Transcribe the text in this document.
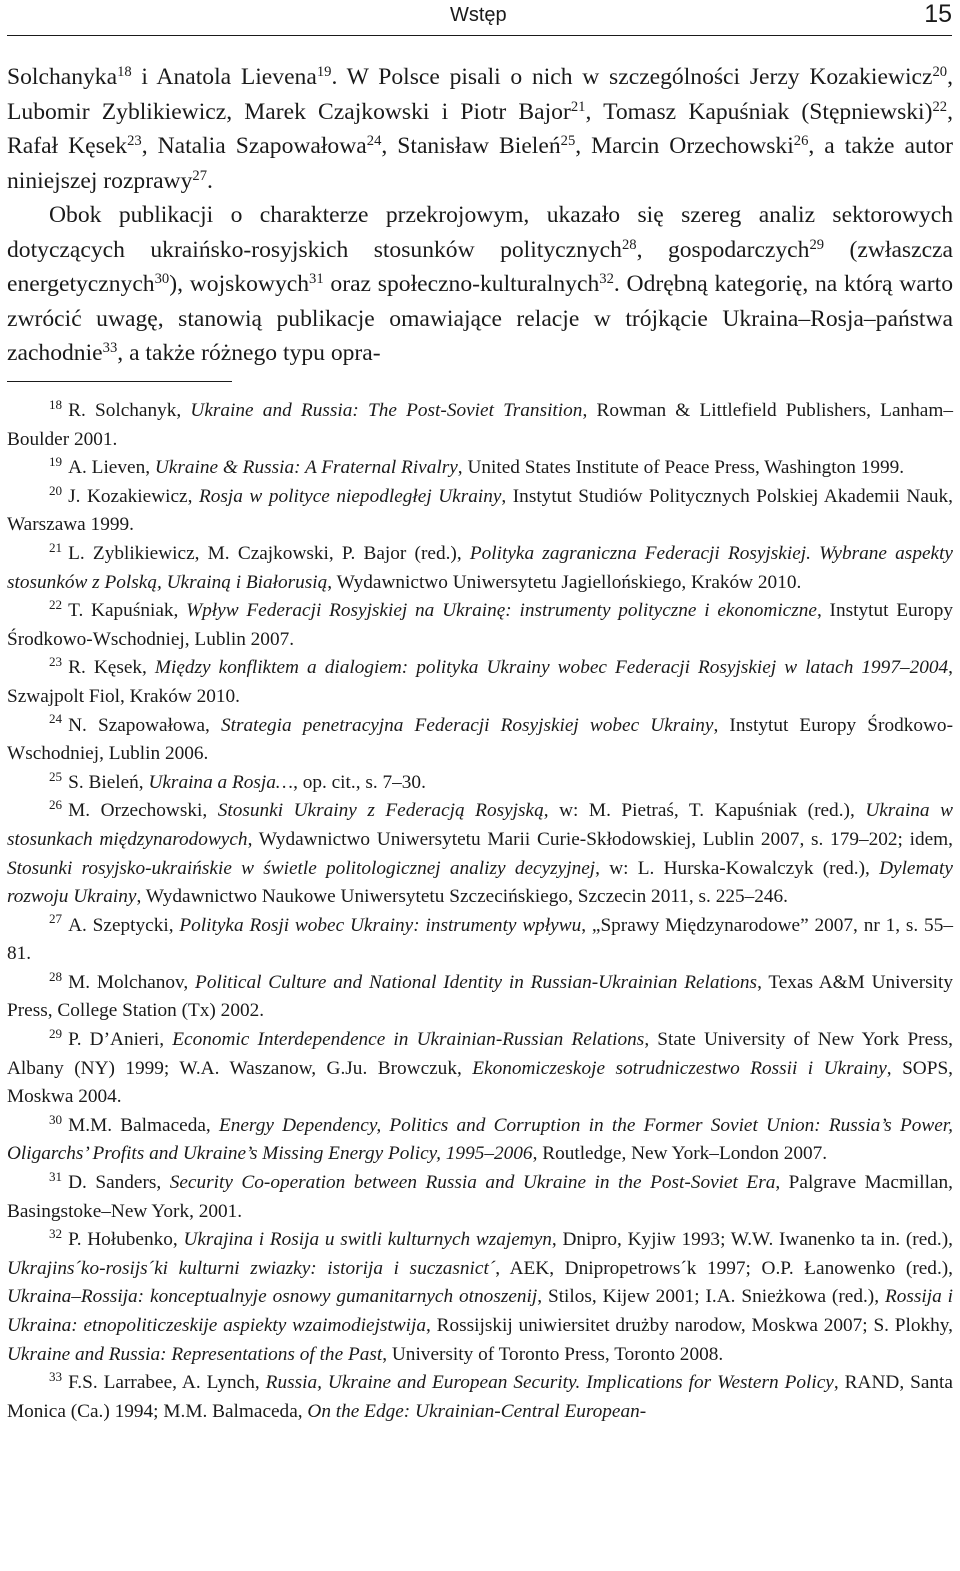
Wstęp	15

Solchanyka$^{18}$ i Anatola Lievena$^{19}$. W Polsce pisali o nich w szczególności Jerzy Kozakiewicz$^{20}$, Lubomir Zyblikiewicz, Marek Czajkowski i Piotr Bajor$^{21}$, Tomasz Kapuśniak (Stępniewski)$^{22}$, Rafał Kęsek$^{23}$, Natalia Szapowałowa$^{24}$, Stanisław Bieleń$^{25}$, Marcin Orzechowski$^{26}$, a także autor niniejszej rozprawy$^{27}$.

Obok publikacji o charakterze przekrojowym, ukazało się szereg analiz sektorowych dotyczących ukraińsko-rosyjskich stosunków politycznych$^{28}$, gospodarczych$^{29}$ (zwłaszcza energetycznych$^{30}$), wojskowych$^{31}$ oraz społeczno-kulturalnych$^{32}$. Odrębną kategorię, na którą warto zwrócić uwagę, stanowią publikacje omawiające relacje w trójkącie Ukraina–Rosja–państwa zachodnie$^{33}$, a także różnego typu opra-

$^{18}$ R. Solchanyk, Ukraine and Russia: The Post-Soviet Transition, Rowman & Littlefield Publishers, Lanham–Boulder 2001.

$^{19}$ A. Lieven, Ukraine & Russia: A Fraternal Rivalry, United States Institute of Peace Press, Washington 1999.

$^{20}$ J. Kozakiewicz, Rosja w polityce niepodległej Ukrainy, Instytut Studiów Politycznych Polskiej Akademii Nauk, Warszawa 1999.

$^{21}$ L. Zyblikiewicz, M. Czajkowski, P. Bajor (red.), Polityka zagraniczna Federacji Rosyjskiej. Wybrane aspekty stosunków z Polską, Ukrainą i Białorusią, Wydawnictwo Uniwersytetu Jagiellońskiego, Kraków 2010.

$^{22}$ T. Kapuśniak, Wpływ Federacji Rosyjskiej na Ukrainę: instrumenty polityczne i ekonomiczne, Instytut Europy Środkowo-Wschodniej, Lublin 2007.

$^{23}$ R. Kęsek, Między konfliktem a dialogiem: polityka Ukrainy wobec Federacji Rosyjskiej w latach 1997–2004, Szwajpolt Fiol, Kraków 2010.

$^{24}$ N. Szapowałowa, Strategia penetracyjna Federacji Rosyjskiej wobec Ukrainy, Instytut Europy Środkowo-Wschodniej, Lublin 2006.

$^{25}$ S. Bieleń, Ukraina a Rosja…, op. cit., s. 7–30.

$^{26}$ M. Orzechowski, Stosunki Ukrainy z Federacją Rosyjską, w: M. Pietraś, T. Kapuśniak (red.), Ukraina w stosunkach międzynarodowych, Wydawnictwo Uniwersytetu Marii Curie-Skłodowskiej, Lublin 2007, s. 179–202; idem, Stosunki rosyjsko-ukraińskie w świetle politologicznej analizy decyzyjnej, w: L. Hurska-Kowalczyk (red.), Dylematy rozwoju Ukrainy, Wydawnictwo Naukowe Uniwersytetu Szczecińskiego, Szczecin 2011, s. 225–246.

$^{27}$ A. Szeptycki, Polityka Rosji wobec Ukrainy: instrumenty wpływu, „Sprawy Międzynarodowe” 2007, nr 1, s. 55–81.

$^{28}$ M. Molchanov, Political Culture and National Identity in Russian-Ukrainian Relations, Texas A&M University Press, College Station (Tx) 2002.

$^{29}$ P. D’Anieri, Economic Interdependence in Ukrainian-Russian Relations, State University of New York Press, Albany (NY) 1999; W.A. Waszanow, G.Ju. Browczuk, Ekonomiczeskoje sotrudniczestwo Rossii i Ukrainy, SOPS, Moskwa 2004.

$^{30}$ M.M. Balmaceda, Energy Dependency, Politics and Corruption in the Former Soviet Union: Russia’s Power, Oligarchs’ Profits and Ukraine’s Missing Energy Policy, 1995–2006, Routledge, New York–London 2007.

$^{31}$ D. Sanders, Security Co-operation between Russia and Ukraine in the Post-Soviet Era, Palgrave Macmillan, Basingstoke–New York, 2001.

$^{32}$ P. Hołubenko, Ukrajina i Rosija u switli kulturnych wzajemyn, Dnipro, Kyjiw 1993; W.W. Iwanenko ta in. (red.), Ukrajins´ko-rosijs´ki kulturni zwiazky: istorija i suczasnict´, AEK, Dnipropetrows´k 1997; O.P. Łanowenko (red.), Ukraina–Rossija: konceptualnyje osnowy gumanitarnych otnoszenij, Stilos, Kijew 2001; I.A. Snieżkowa (red.), Rossija i Ukraina: etnopoliticzeskije aspiekty wzaimodiejstwija, Rossijskij uniwiersitet drużby narodow, Moskwa 2007; S. Plokhy, Ukraine and Russia: Representations of the Past, University of Toronto Press, Toronto 2008.

$^{33}$ F.S. Larrabee, A. Lynch, Russia, Ukraine and European Security. Implications for Western Policy, RAND, Santa Monica (Ca.) 1994; M.M. Balmaceda, On the Edge: Ukrainian-Central European-
